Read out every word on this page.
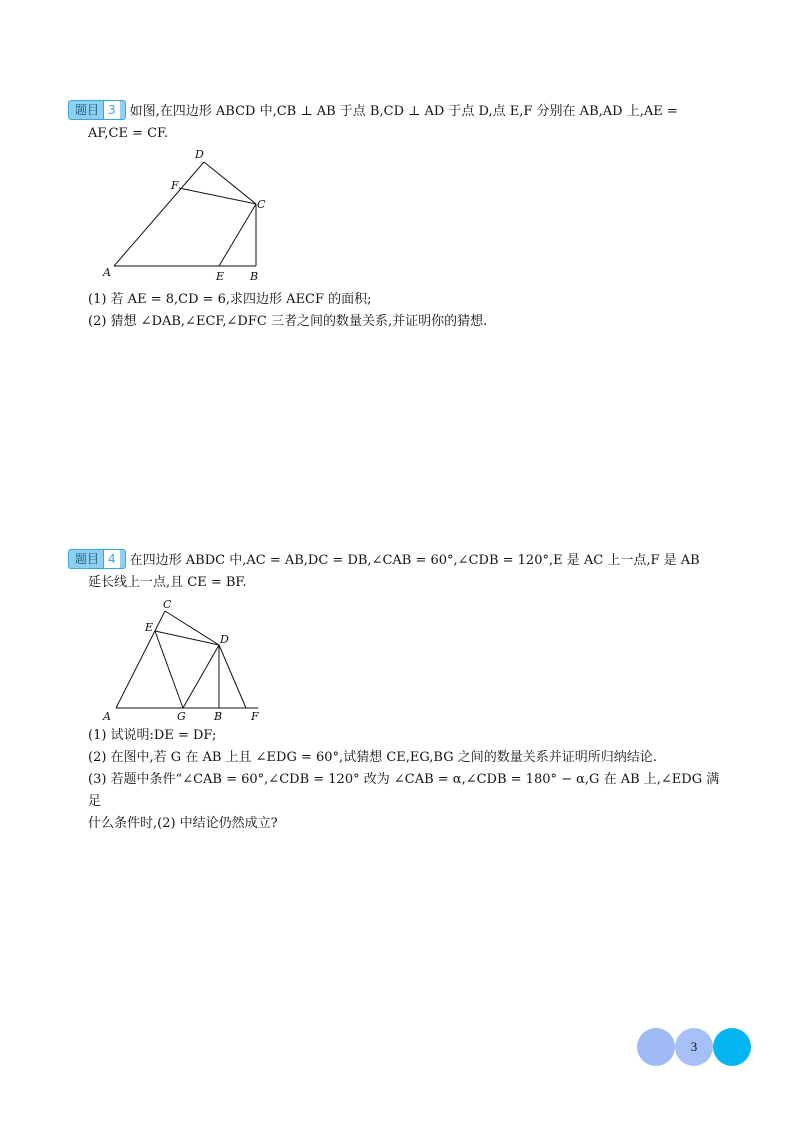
题目 3 如图,在四边形 ABCD 中,CB ⊥ AB 于点 B,CD ⊥ AD 于点 D,点 E,F 分别在 AB,AD 上,AE =
AF,CE = CF.
A	B
C
D
E
F
(1) 若 AE = 8,CD = 6,求四边形 AECF 的面积;
(2) 猜想 ∠DAB,∠ECF,∠DFC 三者之间的数量关系,并证明你的猜想.
题目 4 在四边形 ABDC 中,AC = AB,DC = DB,∠CAB = 60°,∠CDB = 120°,E 是 AC 上一点,F 是 AB
延长线上一点,且 CE = BF.
A	B
C
D
E
F
G
(1) 试说明:DE = DF;
(2) 在图中,若 G 在 AB 上且 ∠EDG = 60°,试猜想 CE,EG,BG 之间的数量关系并证明所归纳结论.
(3) 若题中条件“∠CAB = 60°,∠CDB = 120° 改为 ∠CAB = α,∠CDB = 180° − α,G 在 AB 上,∠EDG 满足
什么条件时,(2) 中结论仍然成立?
3
